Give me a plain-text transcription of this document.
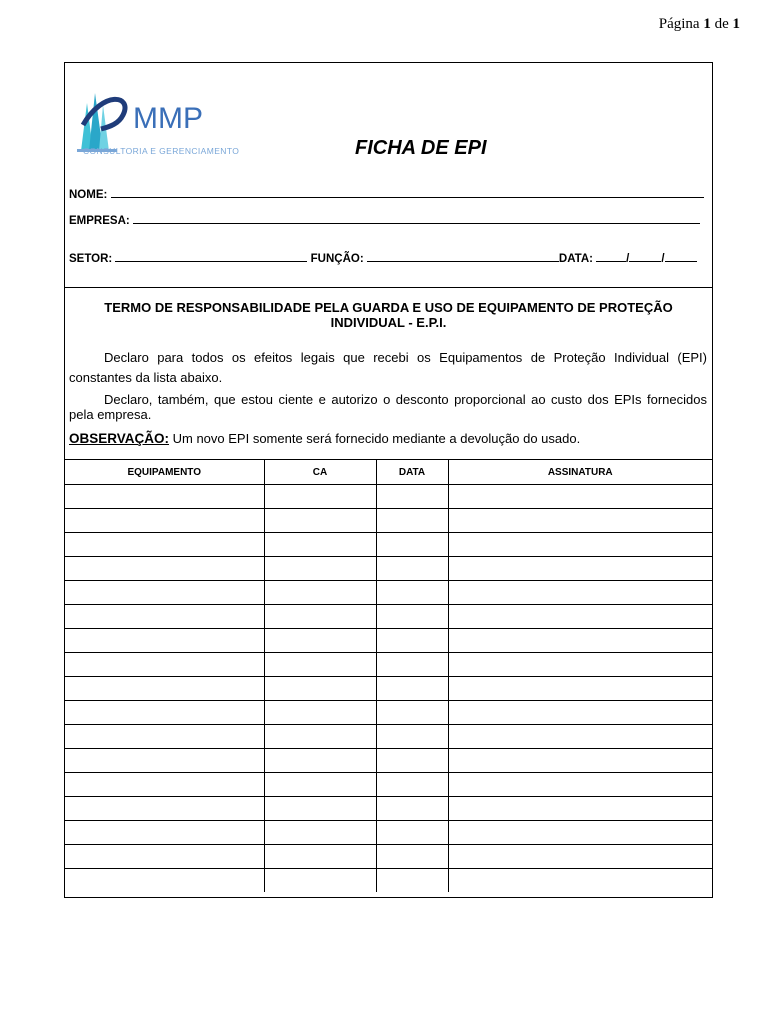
Página 1 de 1
MMP
CONSULTORIA E GERENCIAMENTO	FICHA DE EPI
NOME:
EMPRESA:
SETOR:	FUNÇÃO:	DATA:	/	/
TERMO DE RESPONSABILIDADE PELA GUARDA E USO DE EQUIPAMENTO DE PROTEÇÃO INDIVIDUAL - E.P.I.
Declaro para todos os efeitos legais que recebi os Equipamentos de Proteção Individual (EPI) constantes da lista abaixo.
Declaro, também, que estou ciente e autorizo o desconto proporcional ao custo dos EPIs fornecidos pela empresa.
OBSERVAÇÃO: Um novo EPI somente será fornecido mediante a devolução do usado.
EQUIPAMENTO	CA	DATA	ASSINATURA
